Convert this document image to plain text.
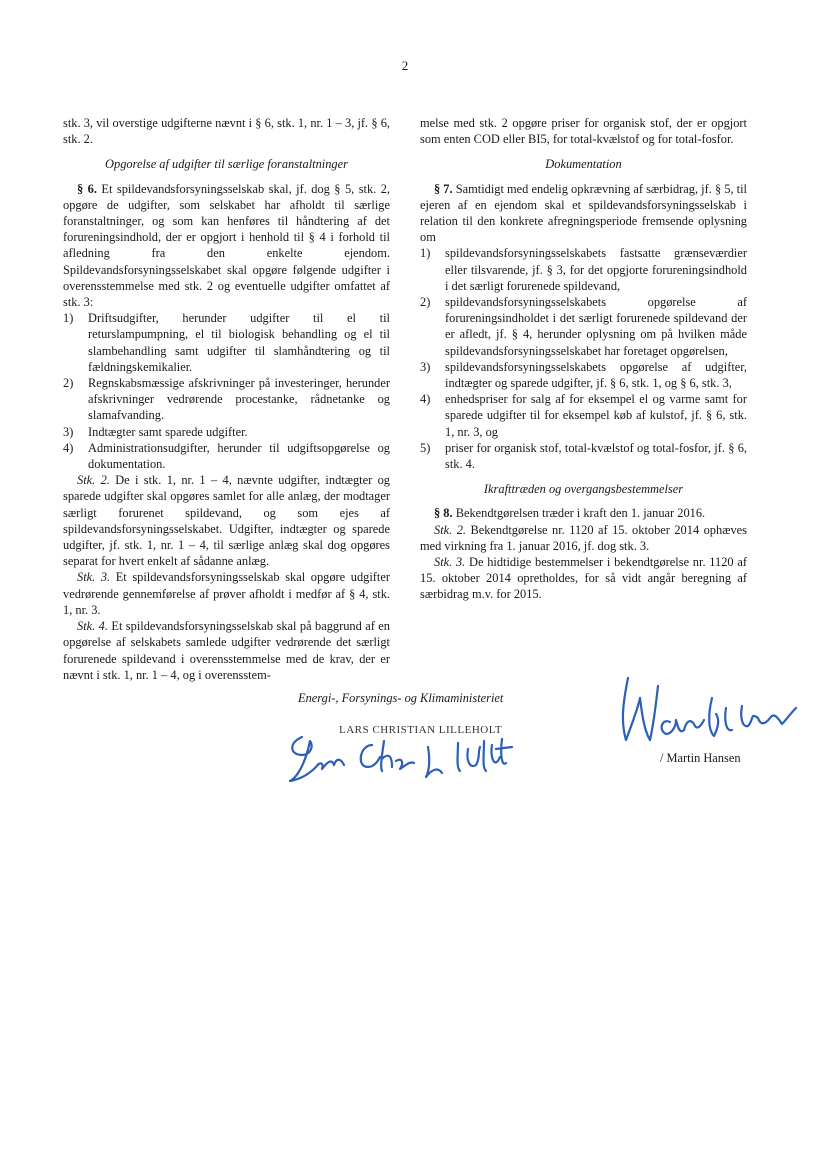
2

stk. 3, vil overstige udgifterne nævnt i § 6, stk. 1, nr. 1 – 3, jf. § 6, stk. 2.

Opgorelse af udgifter til særlige foranstaltninger

§ 6. Et spildevandsforsyningsselskab skal, jf. dog § 5, stk. 2, opgøre de udgifter, som selskabet har afholdt til særlige foranstaltninger, og som kan henføres til håndtering af det forureningsindhold, der er opgjort i henhold til § 4 i forhold til afledning fra den enkelte ejendom. Spildevandsforsyningsselskabet skal opgøre følgende udgifter i overensstemmelse med stk. 2 og eventuelle udgifter omfattet af stk. 3:

1) Driftsudgifter, herunder udgifter til el til returslampumpning, el til biologisk behandling og el til slambehandling samt udgifter til slamhåndtering og til fældningskemikalier.
2) Regnskabsmæssige afskrivninger på investeringer, herunder afskrivninger vedrørende procestanke, rådnetanke og slamafvanding.
3) Indtægter samt sparede udgifter.
4) Administrationsudgifter, herunder til udgiftsopgørelse og dokumentation.

Stk. 2. De i stk. 1, nr. 1 – 4, nævnte udgifter, indtægter og sparede udgifter skal opgøres samlet for alle anlæg, der modtager særligt forurenet spildevand, og som ejes af spildevandsforsyningsselskabet. Udgifter, indtægter og sparede udgifter, jf. stk. 1, nr. 1 – 4, til særlige anlæg skal dog opgøres separat for hvert enkelt af sådanne anlæg.

Stk. 3. Et spildevandsforsyningsselskab skal opgøre udgifter vedrørende gennemførelse af prøver afholdt i medfør af § 4, stk. 1, nr. 3.

Stk. 4. Et spildevandsforsyningsselskab skal på baggrund af en opgørelse af selskabets samlede udgifter vedrørende det særligt forurenede spildevand i overensstemmelse med de krav, der er nævnt i stk. 1, nr. 1 – 4, og i overensstem-

melse med stk. 2 opgøre priser for organisk stof, der er opgjort som enten COD eller BI5, for total-kvælstof og for total-fosfor.

Dokumentation

§ 7. Samtidigt med endelig opkrævning af særbidrag, jf. § 5, til ejeren af en ejendom skal et spildevandsforsyningsselskab i relation til den konkrete afregningsperiode fremsende oplysning om

1) spildevandsforsyningsselskabets fastsatte grænseværdier eller tilsvarende, jf. § 3, for det opgjorte forureningsindhold i det særligt forurenede spildevand,
2) spildevandsforsyningsselskabets opgørelse af forureningsindholdet i det særligt forurenede spildevand der er afledt, jf. § 4, herunder oplysning om på hvilken måde spildevandsforsyningsselskabet har foretaget opgørelsen,
3) spildevandsforsyningsselskabets opgørelse af udgifter, indtægter og sparede udgifter, jf. § 6, stk. 1, og § 6, stk. 3,
4) enhedspriser for salg af for eksempel el og varme samt for sparede udgifter til for eksempel køb af kulstof, jf. § 6, stk. 1, nr. 3, og
5) priser for organisk stof, total-kvælstof og total-fosfor, jf. § 6, stk. 4.
Ikrafttræden og overgangsbestemmelser

§ 8. Bekendtgørelsen træder i kraft den 1. januar 2016.

Stk. 2. Bekendtgørelse nr. 1120 af 15. oktober 2014 ophæves med virkning fra 1. januar 2016, jf. dog stk. 3.

Stk. 3. De hidtidige bestemmelser i bekendtgørelse nr. 1120 af 15. oktober 2014 opretholdes, for så vidt angår beregning af særbidrag m.v. for 2015.

Energi-, Forsynings- og Klimaministeriet
LARS CHRISTIAN LILLEHOLT
/ Martin Hansen
